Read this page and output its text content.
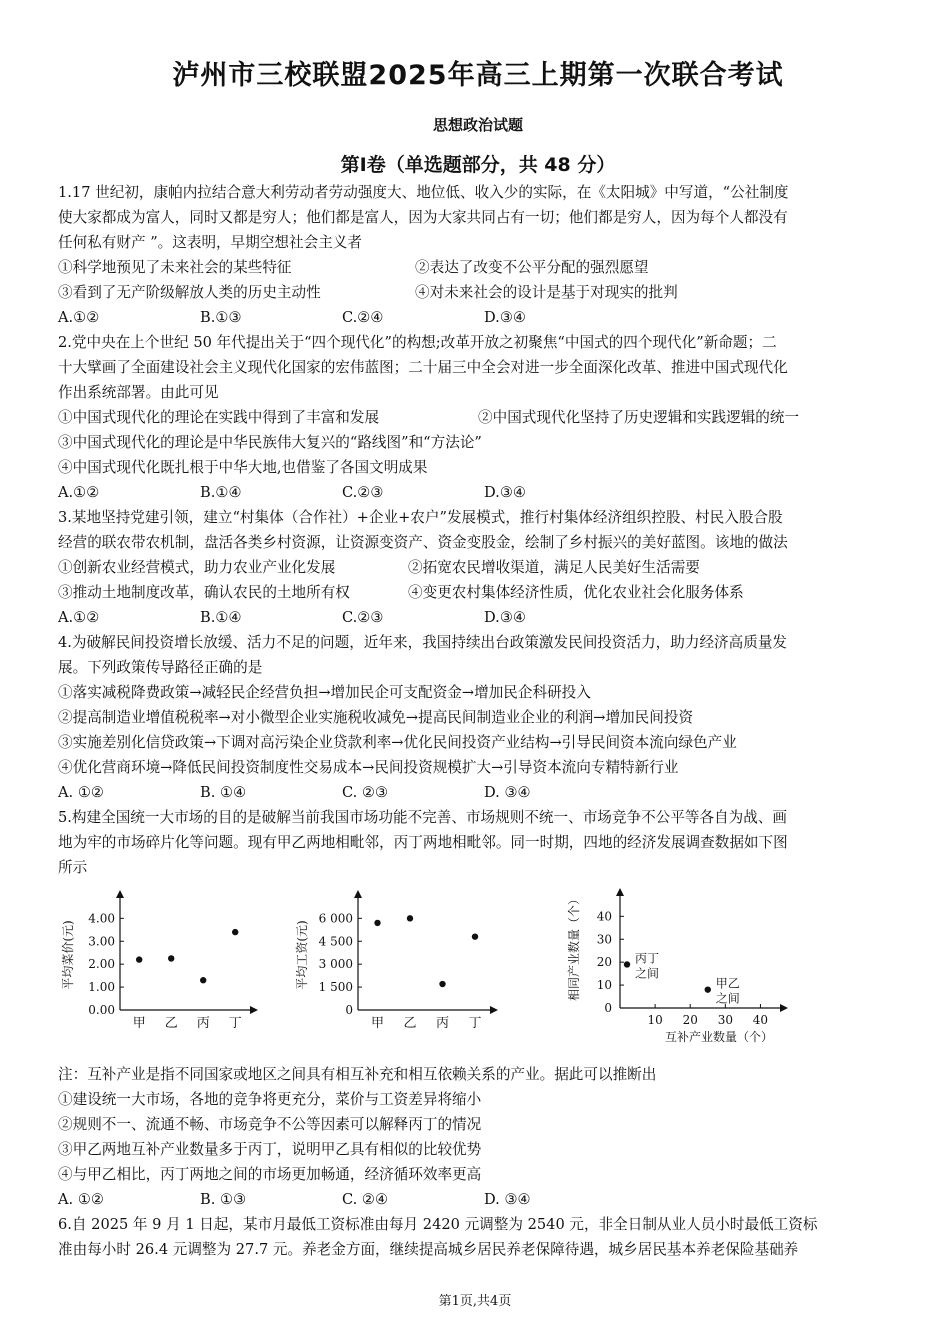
泸州市三校联盟2025年高三上期第一次联合考试
思想政治试题
第Ⅰ卷（单选题部分，共 48 分）
1.17 世纪初，康帕内拉结合意大利劳动者劳动强度大、地位低、收入少的实际，在《太阳城》中写道，“公社制度
使大家都成为富人，同时又都是穷人；他们都是富人，因为大家共同占有一切；他们都是穷人，因为每个人都没有
任何私有财产 ”。这表明，早期空想社会主义者
①科学地预见了未来社会的某些特征	②表达了改变不公平分配的强烈愿望
③看到了无产阶级解放人类的历史主动性	④对未来社会的设计是基于对现实的批判
A.①②	B.①③	C.②④	D.③④
2.党中央在上个世纪 50 年代提出关于“四个现代化”的构想;改革开放之初聚焦“中国式的四个现代化”新命题；二
十大擘画了全面建设社会主义现代化国家的宏伟蓝图；二十届三中全会对进一步全面深化改革、推进中国式现代化
作出系统部署。由此可见
①中国式现代化的理论在实践中得到了丰富和发展	②中国式现代化坚持了历史逻辑和实践逻辑的统一
③中国式现代化的理论是中华民族伟大复兴的“路线图”和“方法论”
④中国式现代化既扎根于中华大地,也借鉴了各国文明成果
A.①②	B.①④	C.②③	D.③④
3.某地坚持党建引领，建立“村集体（合作社）+企业+农户”发展模式，推行村集体经济组织控股、村民入股合股
经营的联农带农机制，盘活各类乡村资源，让资源变资产、资金变股金，绘制了乡村振兴的美好蓝图。该地的做法
①创新农业经营模式，助力农业产业化发展	②拓宽农民增收渠道，满足人民美好生活需要
③推动土地制度改革，确认农民的土地所有权	④变更农村集体经济性质，优化农业社会化服务体系
A.①②	B.①④	C.②③	D.③④
4.为破解民间投资增长放缓、活力不足的问题，近年来，我国持续出台政策激发民间投资活力，助力经济高质量发
展。下列政策传导路径正确的是
①落实减税降费政策→减轻民企经营负担→增加民企可支配资金→增加民企科研投入
②提高制造业增值税税率→对小微型企业实施税收减免→提高民间制造业企业的利润→增加民间投资
③实施差别化信贷政策→下调对高污染企业贷款利率→优化民间投资产业结构→引导民间资本流向绿色产业
④优化营商环境→降低民间投资制度性交易成本→民间投资规模扩大→引导资本流向专精特新行业
A. ①②	B. ①④	C. ②③	D. ③④
5.构建全国统一大市场的目的是破解当前我国市场功能不完善、市场规则不统一、市场竞争不公平等各自为战、画
地为牢的市场碎片化等问题。现有甲乙两地相毗邻，丙丁两地相毗邻。同一时期，四地的经济发展调查数据如下图
所示
0.00
1.00
2.00
3.00
4.00
平均菜价(元)
甲 乙 丙 丁
0
1 500
3 000
4 500
6 000
平均工资(元)
甲 乙 丙 丁
0
10
20
30
40
10 20 30 40
相同产业数量（个）
互补产业数量（个）
丙丁
之间
甲乙
之间
注：互补产业是指不同国家或地区之间具有相互补充和相互依赖关系的产业。据此可以推断出
①建设统一大市场，各地的竞争将更充分，菜价与工资差异将缩小
②规则不一、流通不畅、市场竞争不公等因素可以解释丙丁的情况
③甲乙两地互补产业数量多于丙丁，说明甲乙具有相似的比较优势
④与甲乙相比，丙丁两地之间的市场更加畅通，经济循环效率更高
A. ①②	B. ①③	C. ②④	D. ③④
6.自 2025 年 9 月 1 日起，某市月最低工资标准由每月 2420 元调整为 2540 元，非全日制从业人员小时最低工资标
准由每小时 26.4 元调整为 27.7 元。养老金方面，继续提高城乡居民养老保障待遇，城乡居民基本养老保险基础养
第1页,共4页
